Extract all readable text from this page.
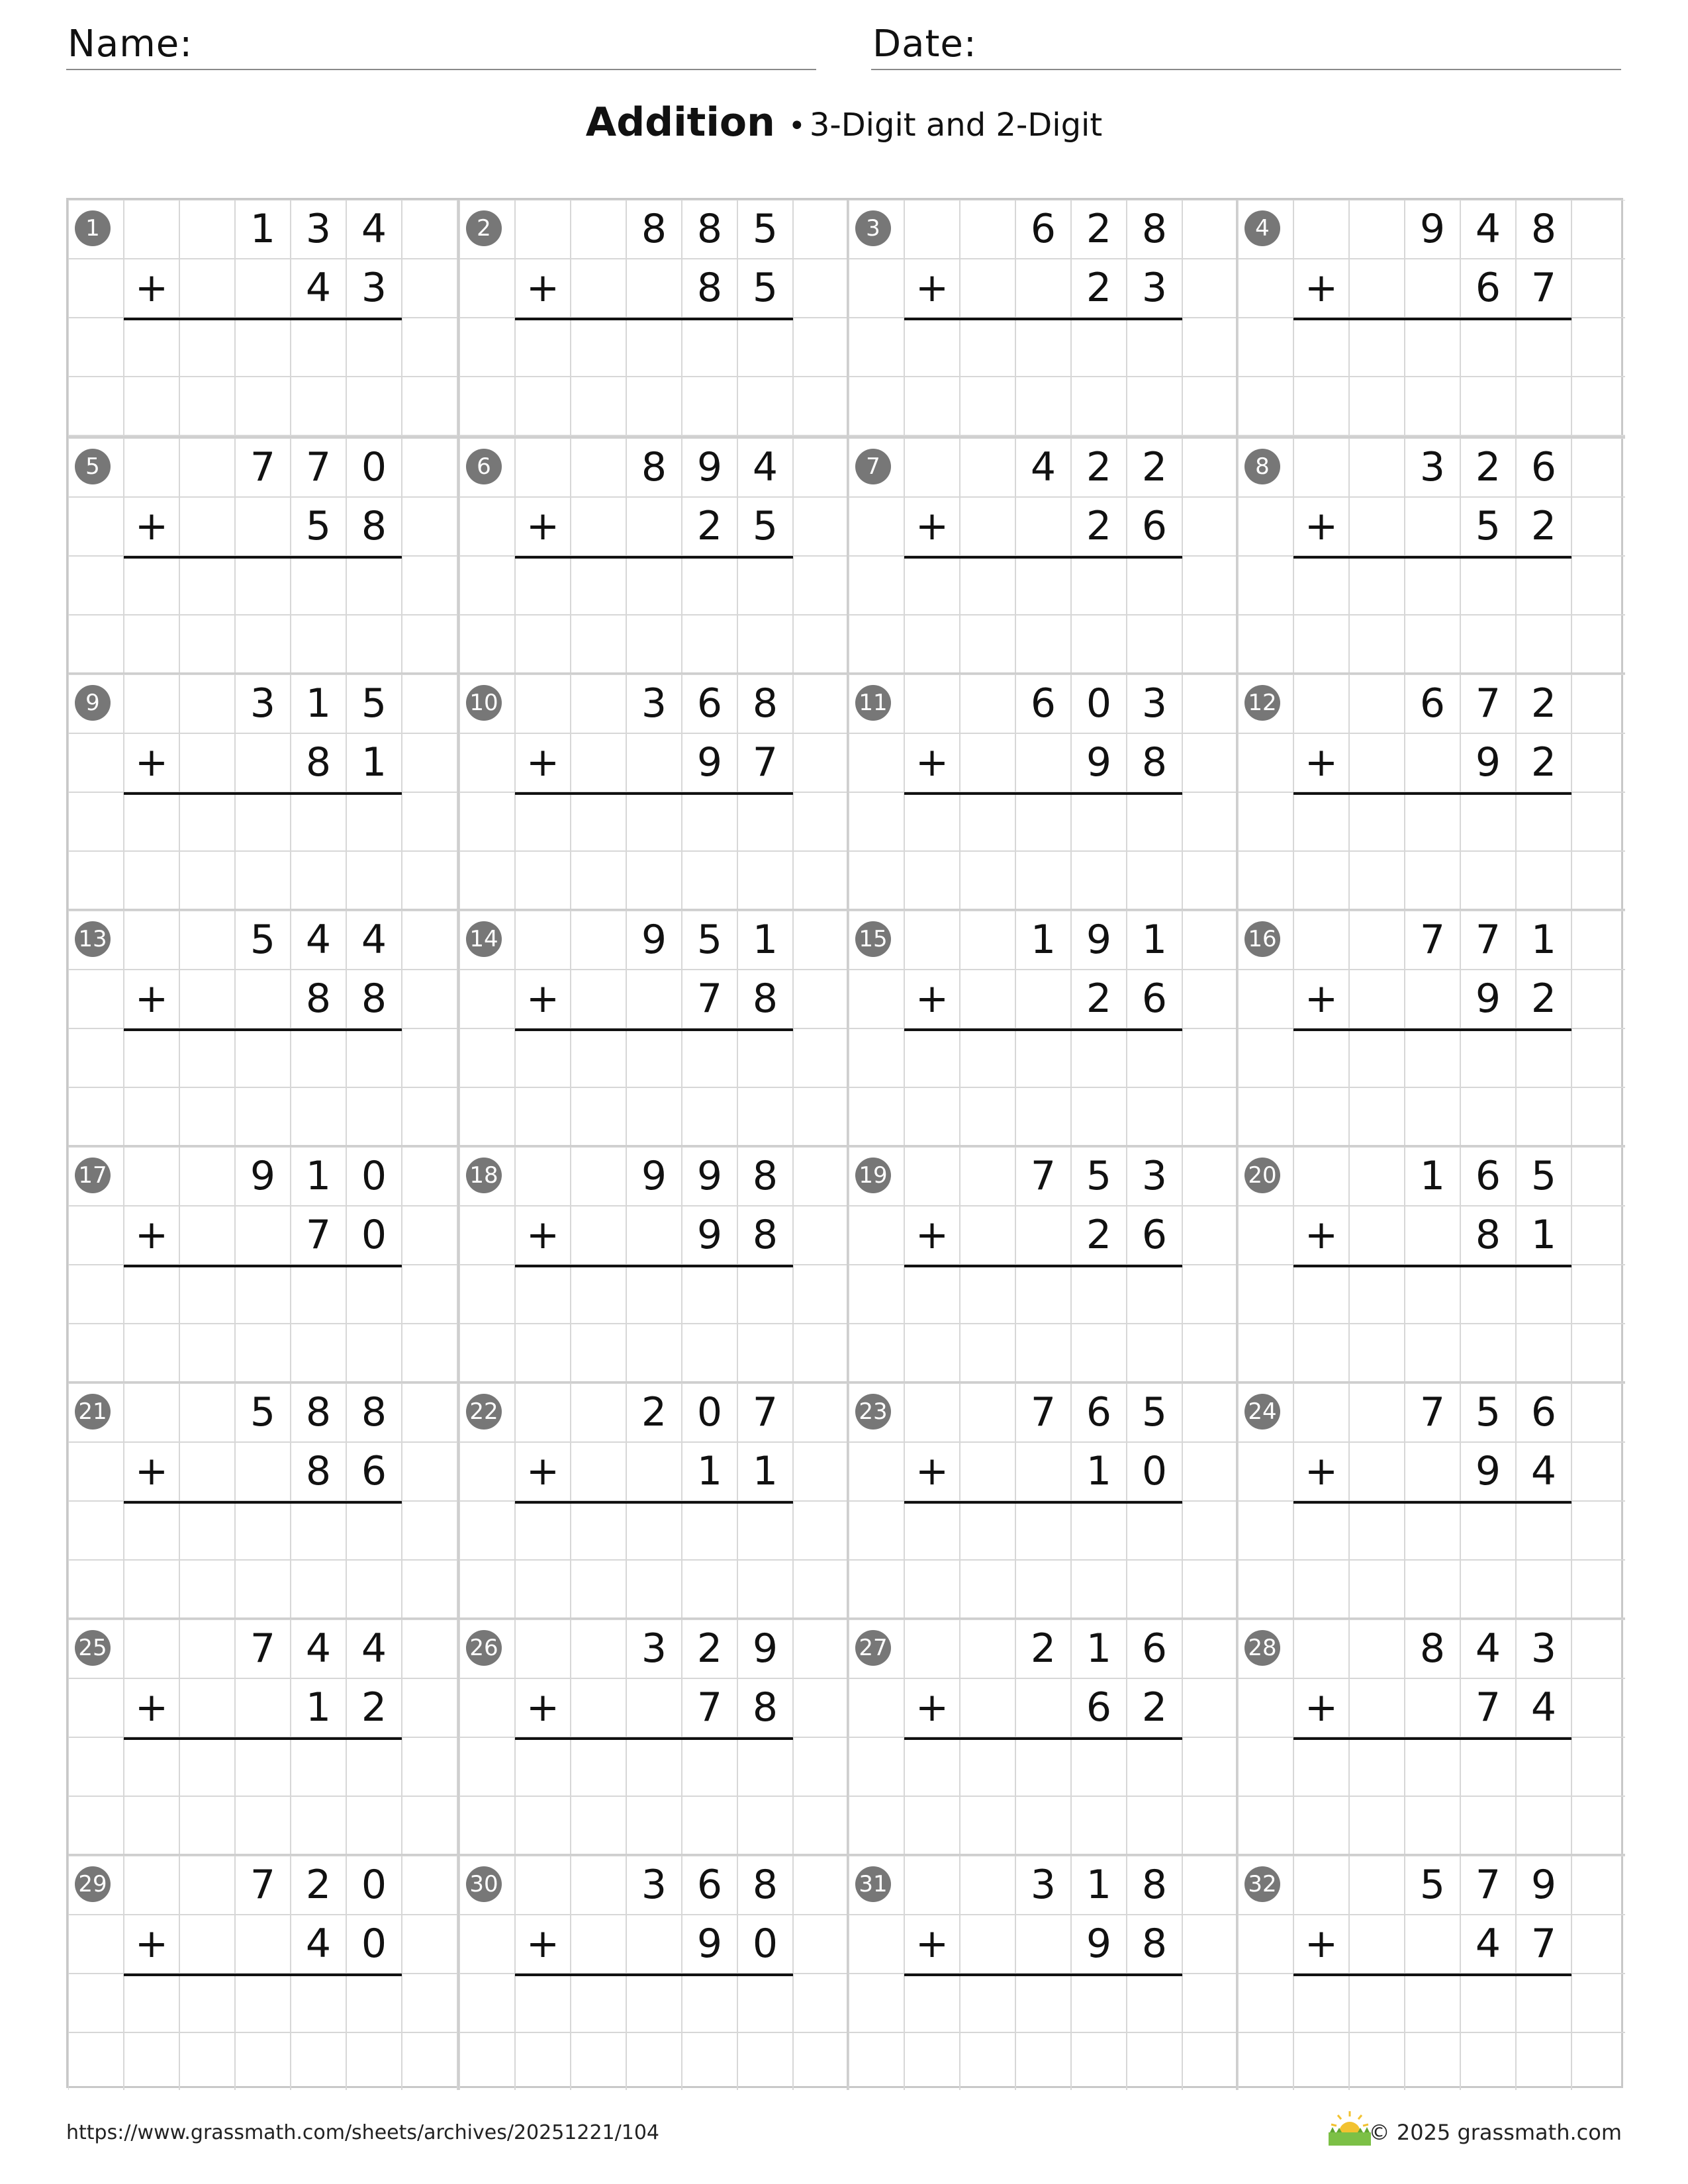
Name:	Date:
Addition • 3-Digit and 2-Digit
1	1 3 4
+	4 3
2	8 8 5
+	8 5
3	6 2 8
+	2 3
4	9 4 8
+	6 7
5	7 7 0
+	5 8
6	8 9 4
+	2 5
7	4 2 2
+	2 6
8	3 2 6
+	5 2
9	3 1 5
+	8 1
10	3 6 8
+	9 7
11	6 0 3
+	9 8
12	6 7 2
+	9 2
13	5 4 4
+	8 8
14	9 5 1
+	7 8
15	1 9 1
+	2 6
16	7 7 1
+	9 2
17	9 1 0
+	7 0
18	9 9 8
+	9 8
19	7 5 3
+	2 6
20	1 6 5
+	8 1
21	5 8 8
+	8 6
22	2 0 7
+	1 1
23	7 6 5
+	1 0
24	7 5 6
+	9 4
25	7 4 4
+	1 2
26	3 2 9
+	7 8
27	2 1 6
+	6 2
28	8 4 3
+	7 4
29	7 2 0
+	4 0
30	3 6 8
+	9 0
31	3 1 8
+	9 8
32	5 7 9
+	4 7
https://www.grassmath.com/sheets/archives/20251221/104	© 2025 grassmath.com
